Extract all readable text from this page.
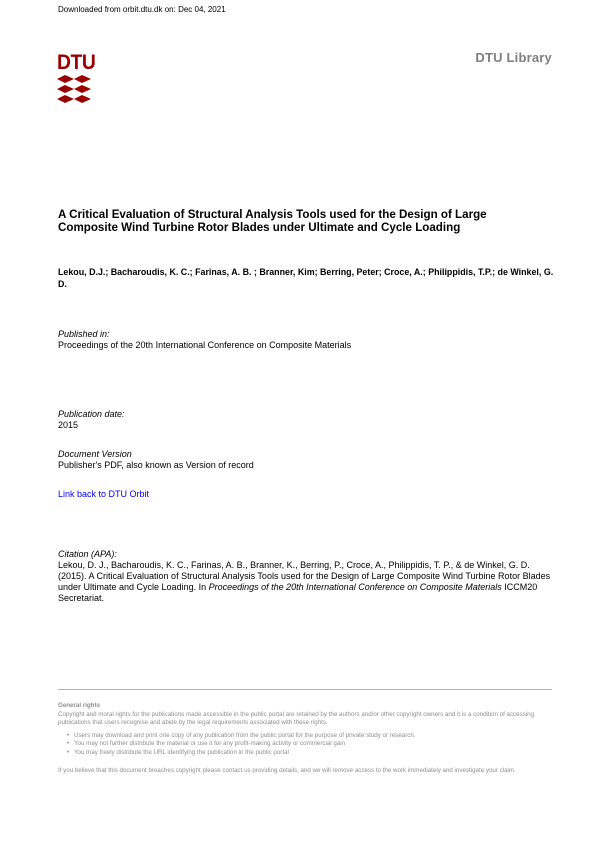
Downloaded from orbit.dtu.dk on: Dec 04, 2021
DTU	DTU Library
A Critical Evaluation of Structural Analysis Tools used for the Design of Large Composite Wind Turbine Rotor Blades under Ultimate and Cycle Loading
Lekou, D.J.; Bacharoudis, K. C.; Farinas, A. B. ; Branner, Kim; Berring, Peter; Croce, A.; Philippidis, T.P.; de Winkel, G. D.
Published in:
Proceedings of the 20th International Conference on Composite Materials
Publication date:
2015
Document Version
Publisher's PDF, also known as Version of record
Link back to DTU Orbit
Citation (APA):
Lekou, D. J., Bacharoudis, K. C., Farinas, A. B., Branner, K., Berring, P., Croce, A., Philippidis, T. P., & de Winkel, G. D. (2015). A Critical Evaluation of Structural Analysis Tools used for the Design of Large Composite Wind Turbine Rotor Blades under Ultimate and Cycle Loading. In Proceedings of the 20th International Conference on Composite Materials ICCM20 Secretariat.
General rights
Copyright and moral rights for the publications made accessible in the public portal are retained by the authors and/or other copyright owners and it is a condition of accessing publications that users recognise and abide by the legal requirements associated with these rights.
• Users may download and print one copy of any publication from the public portal for the purpose of private study or research.
• You may not further distribute the material or use it for any profit-making activity or commercial gain
• You may freely distribute the URL identifying the publication in the public portal
If you believe that this document breaches copyright please contact us providing details, and we will remove access to the work immediately and investigate your claim.
